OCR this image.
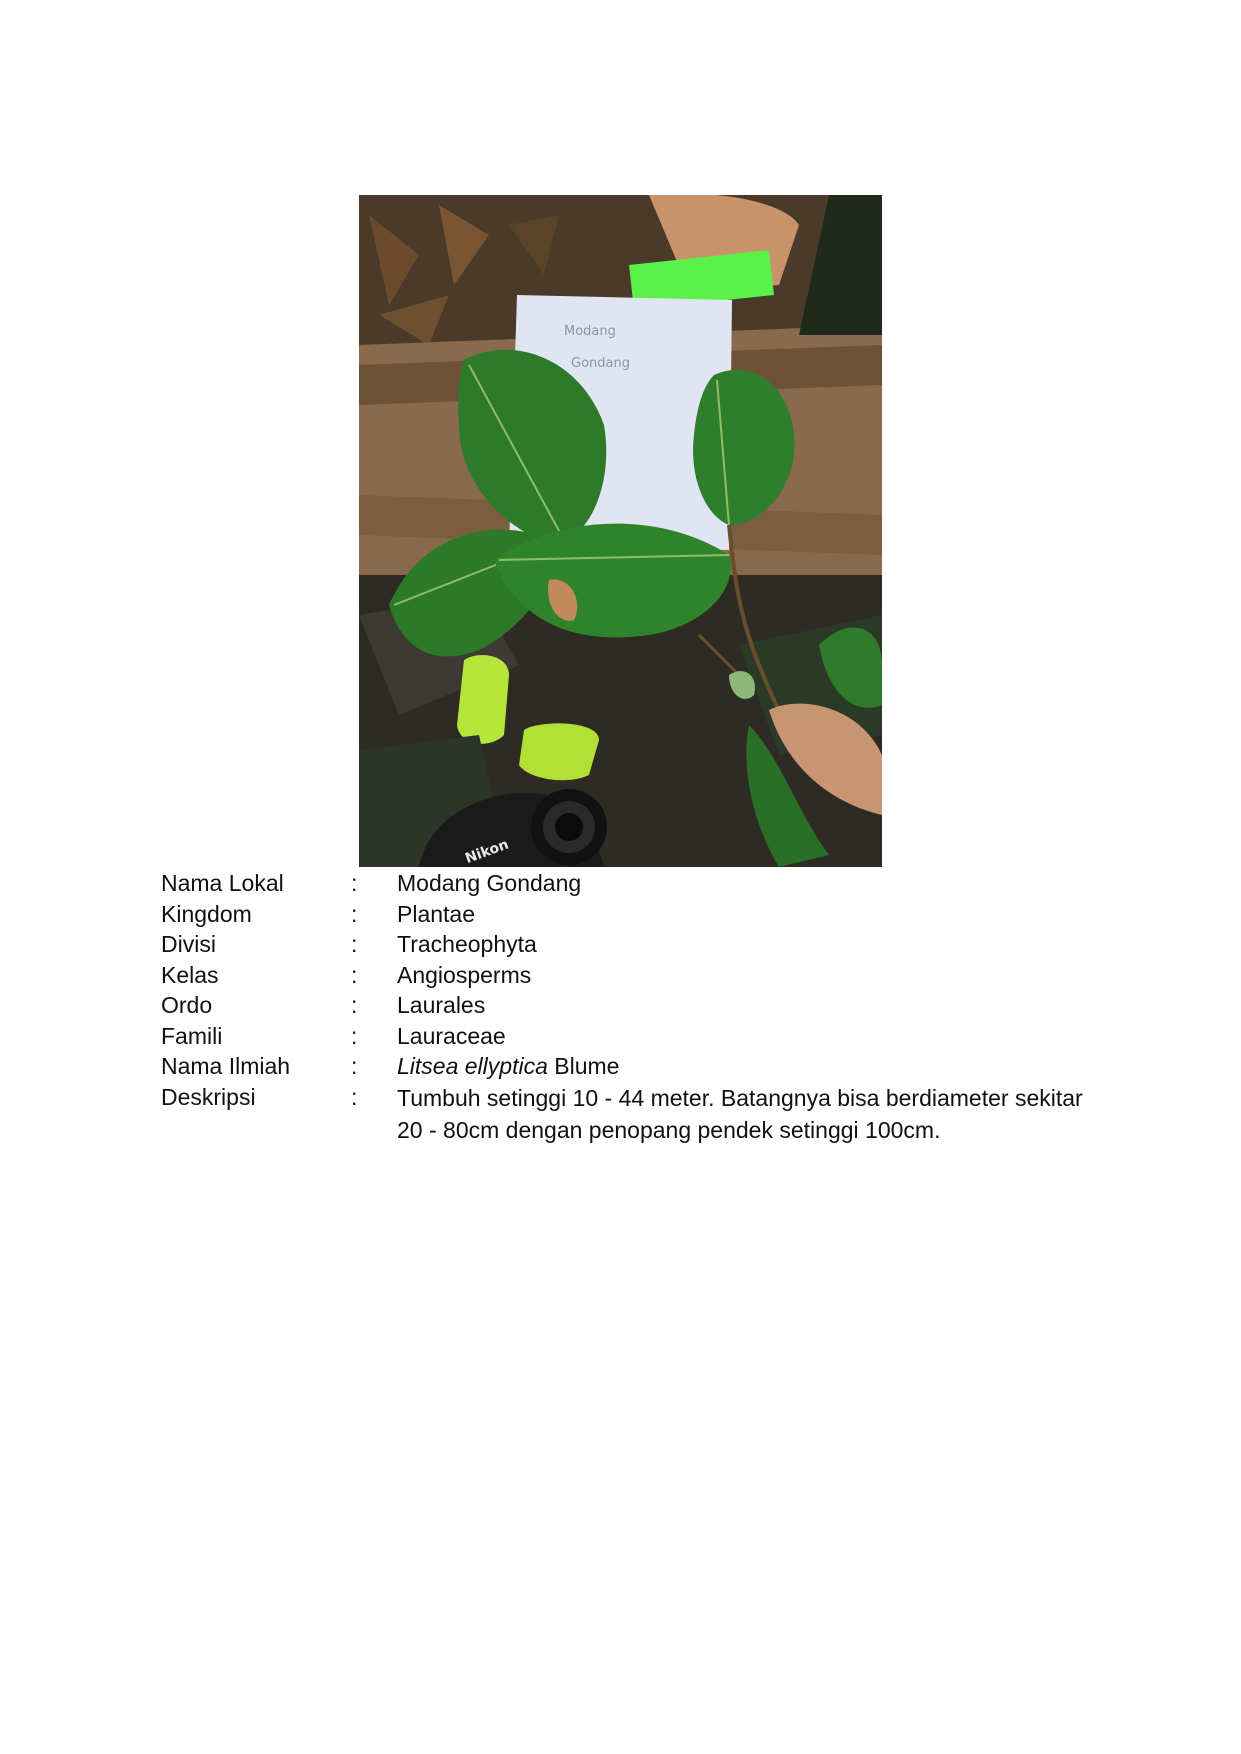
Modang
Gondang
Nikon
Nama Lokal	:	Modang Gondang
Kingdom	:	Plantae
Divisi	:	Tracheophyta
Kelas	:	Angiosperms
Ordo	:	Laurales
Famili	:	Lauraceae
Nama Ilmiah	:	Litsea ellyptica Blume
Deskripsi	:	Tumbuh setinggi 10 - 44 meter. Batangnya bisa berdiameter sekitar 20 - 80cm dengan penopang pendek setinggi 100cm.
